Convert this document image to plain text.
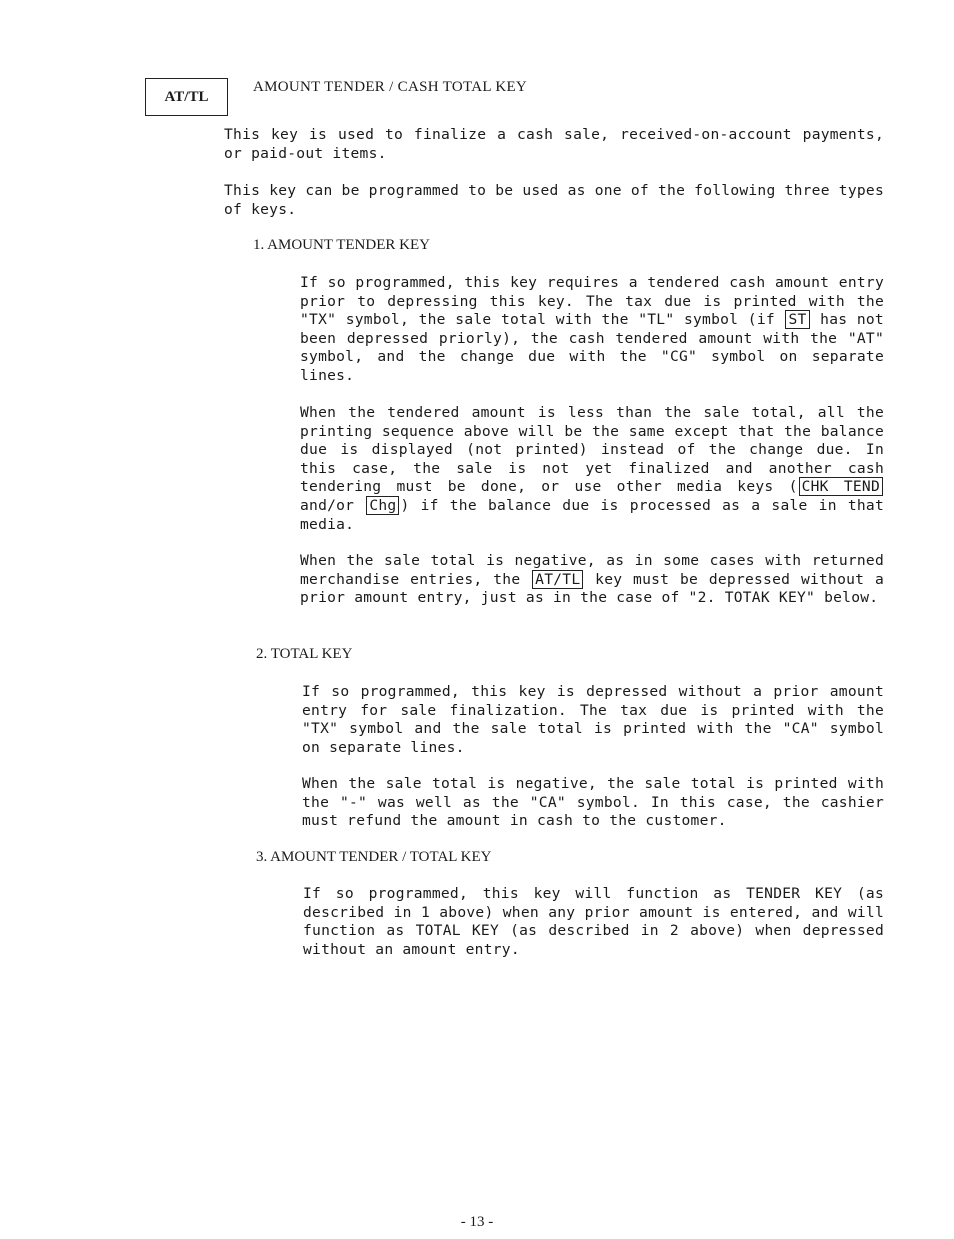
AT/TL
AMOUNT TENDER / CASH TOTAL KEY

This key is used to finalize a cash sale, received-on-account payments, or paid-out items.

This key can be programmed to be used as one of the following three types of keys.

1. AMOUNT TENDER KEY

If so programmed, this key requires a tendered cash amount entry prior to depressing this key. The tax due is printed with the "TX" symbol, the sale total with the "TL" symbol (if ST has not been depressed priorly), the cash tendered amount with the "AT" symbol, and the change due with the "CG" symbol on separate lines.

When the tendered amount is less than the sale total, all the printing sequence above will be the same except that the balance due is displayed (not printed) instead of the change due. In this case, the sale is not yet finalized and another cash tendering must be done, or use other media keys ( CHK TEND and/or Chg ) if the balance due is processed as a sale in that media.

When the sale total is negative, as in some cases with returned merchandise entries, the AT/TL key must be depressed without a prior amount entry, just as in the case of "2. TOTAK KEY" below.

2. TOTAL KEY

If so programmed, this key is depressed without a prior amount entry for sale finalization. The tax due is printed with the "TX" symbol and the sale total is printed with the "CA" symbol on separate lines.

When the sale total is negative, the sale total is printed with the "-" was well as the "CA" symbol. In this case, the cashier must refund the amount in cash to the customer.

3. AMOUNT TENDER / TOTAL KEY

If so programmed, this key will function as TENDER KEY (as described in 1 above) when any prior amount is entered, and will function as TOTAL KEY (as described in 2 above) when depressed without an amount entry.

- 13 -
